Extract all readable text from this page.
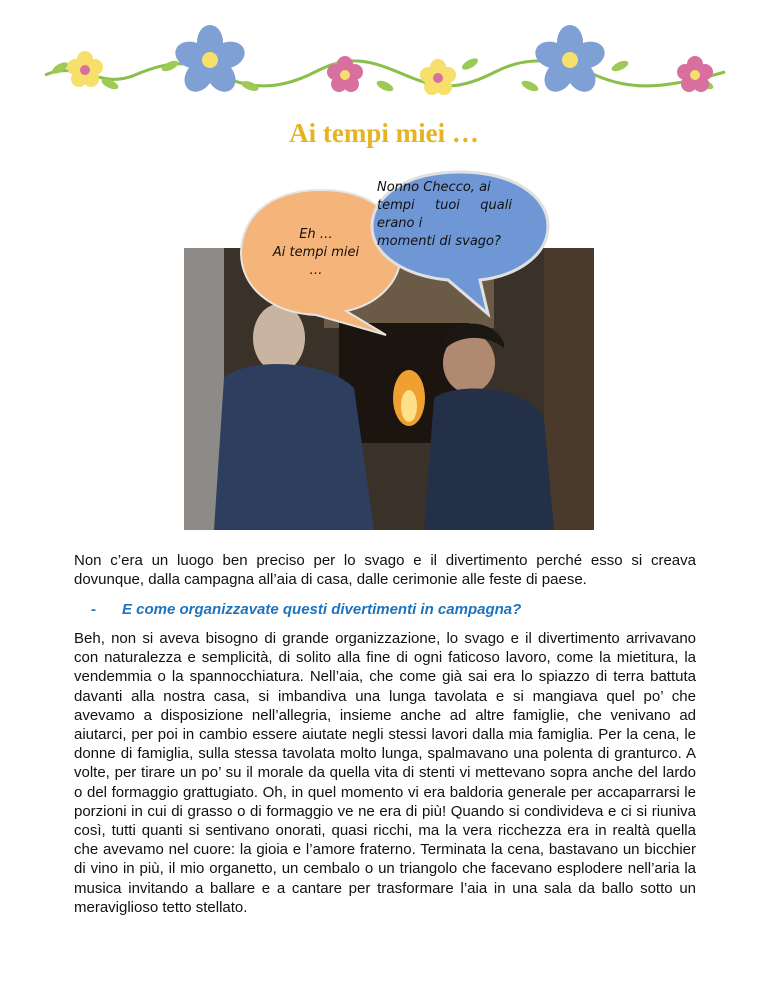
Ai tempi miei …
Eh …
Ai tempi miei
…
Nonno Checco, ai
tempi tuoi quali
erano i
momenti di svago?

Non c’era un luogo ben preciso per lo svago e il divertimento perché esso si creava dovunque, dalla campagna all’aia di casa, dalle cerimonie alle feste di paese.

- E come organizzavate questi divertimenti in campagna?

Beh, non si aveva bisogno di grande organizzazione, lo svago e il divertimento arrivavano con naturalezza e semplicità, di solito alla fine di ogni faticoso lavoro, come la mietitura, la vendemmia o la spannocchiatura. Nell’aia, che come già sai era lo spiazzo di terra battuta davanti alla nostra casa, si imbandiva una lunga tavolata e si mangiava quel po’ che avevamo a disposizione nell’allegria, insieme anche ad altre famiglie, che venivano ad aiutarci, per poi in cambio essere aiutate negli stessi lavori dalla mia famiglia. Per la cena, le donne di famiglia, sulla stessa tavolata molto lunga, spalmavano una polenta di granturco. A volte, per tirare un po’ su il morale da quella vita di stenti vi mettevano sopra anche del lardo o del formaggio grattugiato. Oh, in quel momento vi era baldoria generale per accaparrarsi le porzioni in cui di grasso o di formaggio ve ne era di più! Quando si condivideva e ci si riuniva così, tutti quanti si sentivano onorati, quasi ricchi, ma la vera ricchezza era in realtà quella che avevamo nel cuore: la gioia e l’amore fraterno. Terminata la cena, bastavano un bicchier di vino in più, il mio organetto, un cembalo o un triangolo che facevano esplodere nell’aria la musica invitando a ballare e a cantare per trasformare l’aia in una sala da ballo sotto un meraviglioso tetto stellato.
